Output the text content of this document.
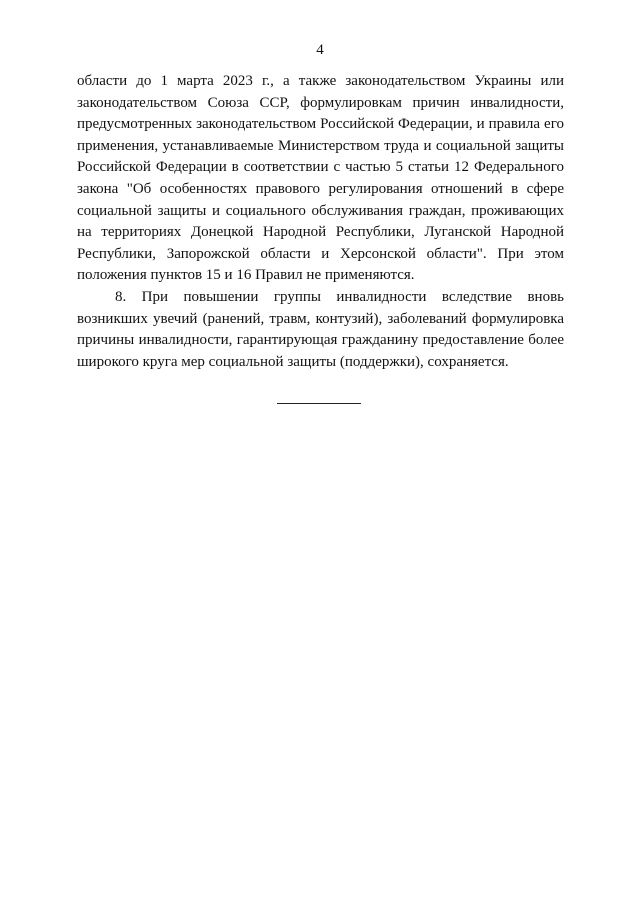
4

области до 1 марта 2023 г., а также законодательством Украины или законодательством Союза ССР, формулировкам причин инвалидности, предусмотренных законодательством Российской Федерации, и правила его применения, устанавливаемые Министерством труда и социальной защиты Российской Федерации в соответствии с частью 5 статьи 12 Федерального закона "Об особенностях правового регулирования отношений в сфере социальной защиты и социального обслуживания граждан, проживающих на территориях Донецкой Народной Республики, Луганской Народной Республики, Запорожской области и Херсонской области". При этом положения пунктов 15 и 16 Правил не применяются.

8. При повышении группы инвалидности вследствие вновь возникших увечий (ранений, травм, контузий), заболеваний формулировка причины инвалидности, гарантирующая гражданину предоставление более широкого круга мер социальной защиты (поддержки), сохраняется.
